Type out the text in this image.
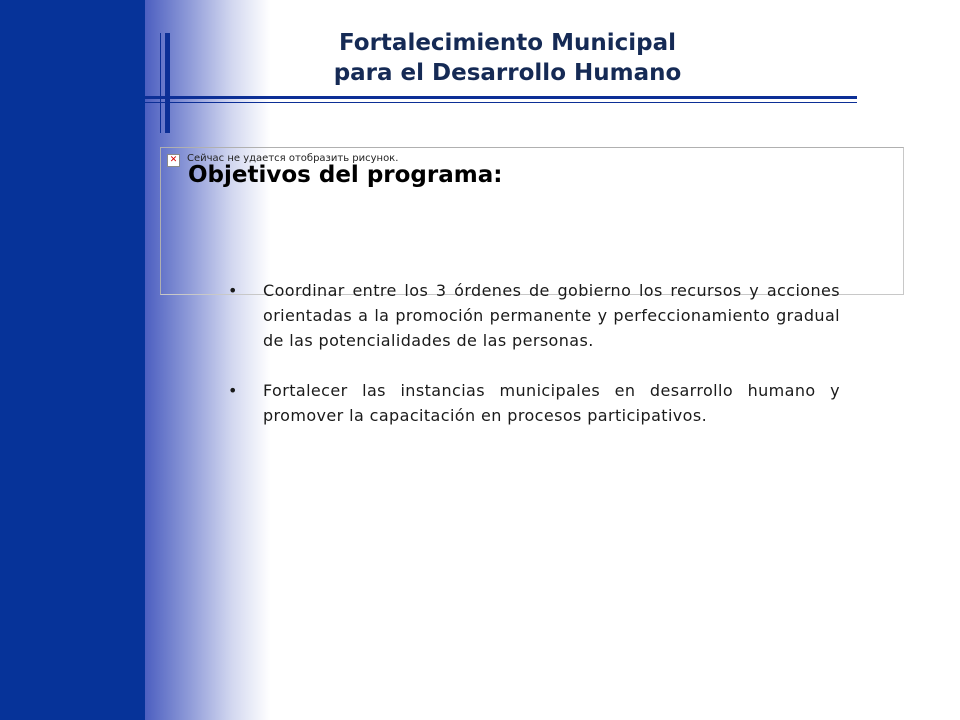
Fortalecimiento Municipal
para el Desarrollo Humano
✕ Сейчас не удается отобразить рисунок.
Objetivos del programa:
• Coordinar entre los 3 órdenes de gobierno los recursos y acciones orientadas a la promoción permanente y perfeccionamiento gradual de las potencialidades de las personas.
• Fortalecer las instancias municipales en desarrollo humano y promover la capacitación en procesos participativos.
